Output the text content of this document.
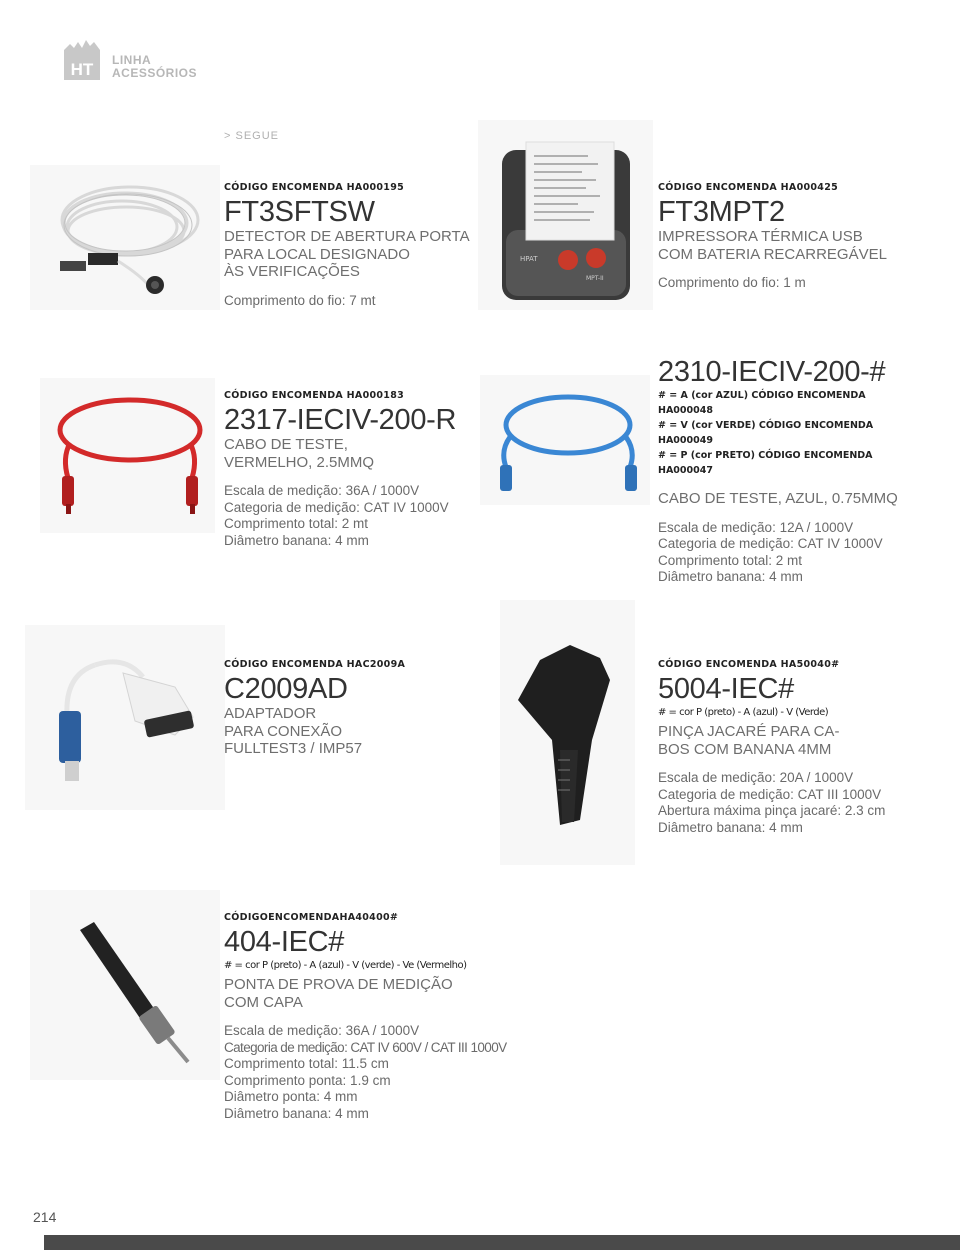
HT LINHA
ACESSÓRIOS
> SEGUE
CÓDIGO ENCOMENDA HA000195
FT3SFTSW
DETECTOR DE ABERTURA PORTA
PARA LOCAL DESIGNADO
ÀS VERIFICAÇÕES
Comprimento do fio: 7 mt
HPAT
MPT-II
CÓDIGO ENCOMENDA HA000425
FT3MPT2
IMPRESSORA TÉRMICA USB
COM BATERIA RECARREGÁVEL
Comprimento do fio: 1 m
CÓDIGO ENCOMENDA HA000183
2317-IECIV-200-R
CABO DE TESTE,
VERMELHO, 2.5MMQ
Escala de medição: 36A / 1000V
Categoria de medição: CAT IV 1000V
Comprimento total: 2 mt
Diâmetro banana: 4 mm
2310-IECIV-200-#
# = A (cor AZUL) CÓDIGO ENCOMENDA
HA000048
# = V (cor VERDE) CÓDIGO ENCOMENDA
HA000049
# = P (cor PRETO) CÓDIGO ENCOMENDA
HA000047
CABO DE TESTE, AZUL, 0.75MMQ
Escala de medição: 12A / 1000V
Categoria de medição: CAT IV 1000V
Comprimento total: 2 mt
Diâmetro banana: 4 mm
CÓDIGO ENCOMENDA HAC2009A
C2009AD
ADAPTADOR
PARA CONEXÃO
FULLTEST3 / IMP57
CÓDIGO ENCOMENDA HA50040#
5004-IEC#
# = cor P (preto) - A (azul) - V (Verde)
PINÇA JACARÉ PARA CA-
BOS COM BANANA 4MM
Escala de medição: 20A / 1000V
Categoria de medição: CAT III 1000V
Abertura máxima pinça jacaré: 2.3 cm
Diâmetro banana: 4 mm
CÓDIGOENCOMENDAHA40400#
404-IEC#
# = cor P (preto) - A (azul) - V (verde) - Ve (Vermelho)
PONTA DE PROVA DE MEDIÇÃO
COM CAPA
Escala de medição: 36A / 1000V
Categoria de medição: CAT IV 600V / CAT III 1000V
Comprimento total: 11.5 cm
Comprimento ponta: 1.9 cm
Diâmetro ponta: 4 mm
Diâmetro banana: 4 mm
214
